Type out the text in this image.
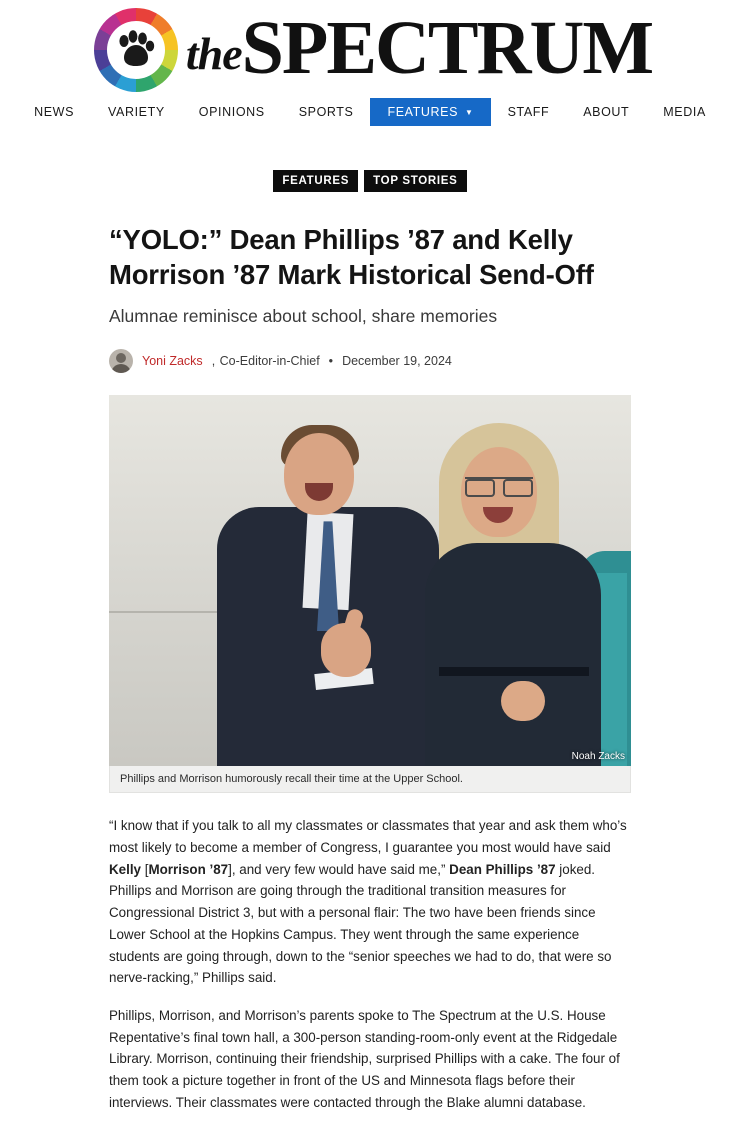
the SPECTRUM
NEWS	VARIETY	OPINIONS	SPORTS	FEATURES ▼	STAFF	ABOUT	MEDIA
FEATURES	TOP STORIES
“YOLO:” Dean Phillips ’87 and Kelly Morrison ’87 Mark Historical Send-Off

Alumnae reminisce about school, share memories

Yoni Zacks , Co-Editor-in-Chief • December 19, 2024
Noah Zacks
Phillips and Morrison humorously recall their time at the Upper School.

“I know that if you talk to all my classmates or classmates that year and ask them who’s most likely to become a member of Congress, I guarantee you most would have said Kelly [Morrison ’87], and very few would have said me,” Dean Phillips ’87 joked. Phillips and Morrison are going through the traditional transition measures for Congressional District 3, but with a personal flair: The two have been friends since Lower School at the Hopkins Campus. They went through the same experience students are going through, down to the “senior speeches we had to do, that were so nerve-racking,” Phillips said.

Phillips, Morrison, and Morrison’s parents spoke to The Spectrum at the U.S. House Repentative’s final town hall, a 300-person standing-room-only event at the Ridgedale Library. Morrison, continuing their friendship, surprised Phillips with a cake. The four of them took a picture together in front of the US and Minnesota flags before their interviews. Their classmates were contacted through the Blake alumni database.
